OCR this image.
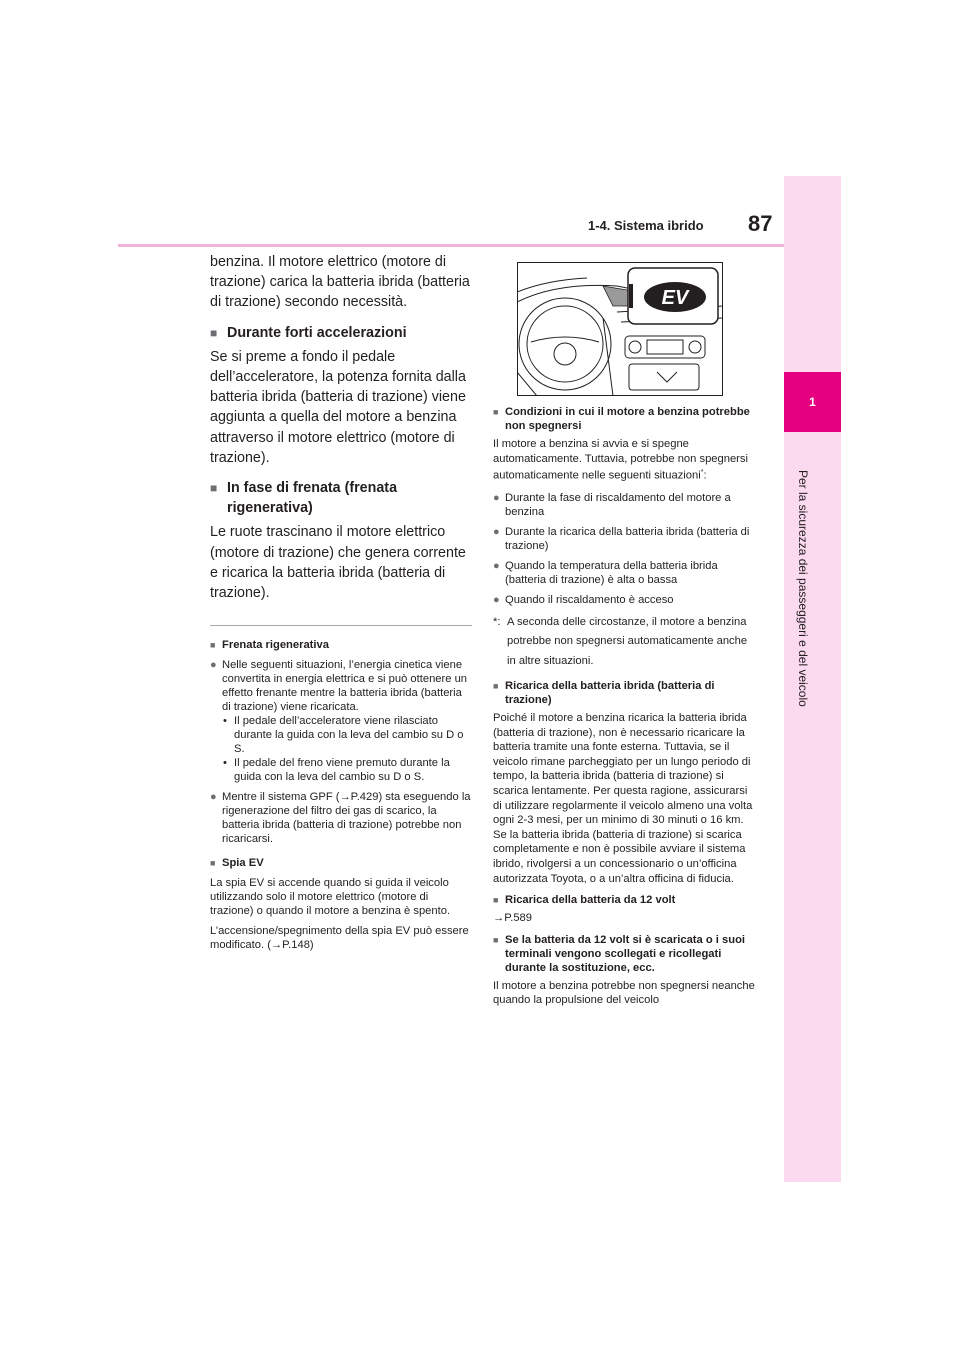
1-4. Sistema ibrido 87
1
Per la sicurezza dei passeggeri e del veicolo

benzina. Il motore elettrico (motore di trazione) carica la batteria ibrida (batteria di trazione) secondo necessità.

■ Durante forti accelerazioni

Se si preme a fondo il pedale dell’acceleratore, la potenza fornita dalla batteria ibrida (batteria di trazione) viene aggiunta a quella del motore a benzina attraverso il motore elettrico (motore di trazione).

■ In fase di frenata (frenata rigenerativa)

Le ruote trascinano il motore elettrico (motore di trazione) che genera corrente e ricarica la batteria ibrida (batteria di trazione).

■ Frenata rigenerativa
● Nelle seguenti situazioni, l’energia cinetica viene convertita in energia elettrica e si può ottenere un effetto frenante mentre la batteria ibrida (batteria di trazione) viene ricaricata.

• Il pedale dell’acceleratore viene rilasciato durante la guida con la leva del cambio su D o S.

• Il pedale del freno viene premuto durante la guida con la leva del cambio su D o S.

● Mentre il sistema GPF (→P.429) sta eseguendo la rigenerazione del filtro dei gas di scarico, la batteria ibrida (batteria di trazione) potrebbe non ricaricarsi.
■ Spia EV

La spia EV si accende quando si guida il veicolo utilizzando solo il motore elettrico (motore di trazione) o quando il motore a benzina è spento.

L’accensione/spegnimento della spia EV può essere modificato. (→P.148)

EV
■ Condizioni in cui il motore a benzina potrebbe non spegnersi

Il motore a benzina si avvia e si spegne automaticamente. Tuttavia, potrebbe non spegnersi automaticamente nelle seguenti situazioni*:

● Durante la fase di riscaldamento del motore a benzina
● Durante la ricarica della batteria ibrida (batteria di trazione)
● Quando la temperatura della batteria ibrida (batteria di trazione) è alta o bassa
● Quando il riscaldamento è acceso
*: A seconda delle circostanze, il motore a benzina potrebbe non spegnersi automaticamente anche in altre situazioni.
■ Ricarica della batteria ibrida (batteria di trazione)

Poiché il motore a benzina ricarica la batteria ibrida (batteria di trazione), non è necessario ricaricare la batteria tramite una fonte esterna. Tuttavia, se il veicolo rimane parcheggiato per un lungo periodo di tempo, la batteria ibrida (batteria di trazione) si scarica lentamente. Per questa ragione, assicurarsi di utilizzare regolarmente il veicolo almeno una volta ogni 2-3 mesi, per un minimo di 30 minuti o 16 km. Se la batteria ibrida (batteria di trazione) si scarica completamente e non è possibile avviare il sistema ibrido, rivolgersi a un concessionario o un’officina autorizzata Toyota, o a un’altra officina di fiducia.

■ Ricarica della batteria da 12 volt

→P.589

■ Se la batteria da 12 volt si è scaricata o i suoi terminali vengono scollegati e ricollegati durante la sostituzione, ecc.

Il motore a benzina potrebbe non spegnersi neanche quando la propulsione del veicolo
